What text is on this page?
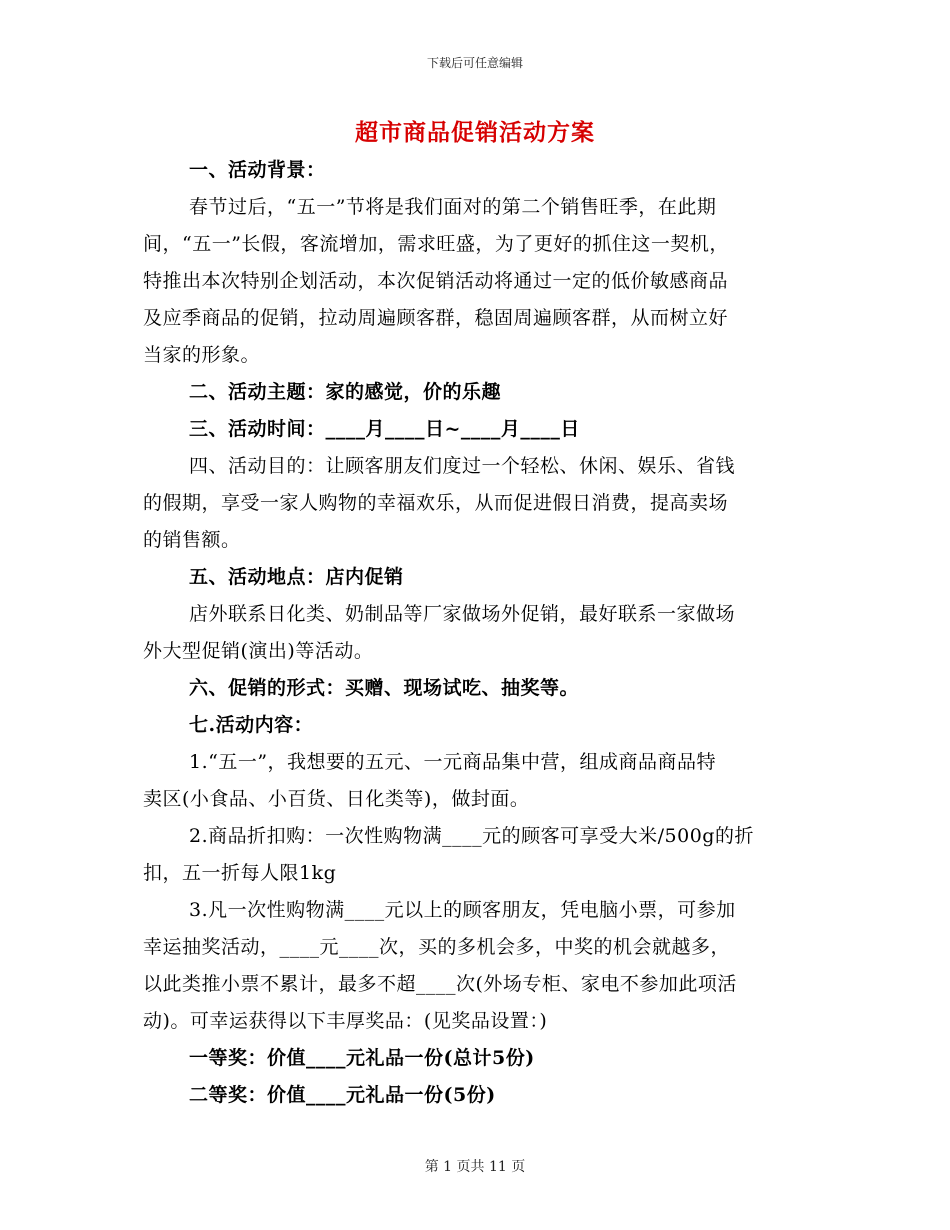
下载后可任意编辑
超市商品促销活动方案
一、活动背景：
春节过后，“五一”节将是我们面对的第二个销售旺季，在此期
间，“五一”长假，客流增加，需求旺盛，为了更好的抓住这一契机，
特推出本次特别企划活动，本次促销活动将通过一定的低价敏感商品
及应季商品的促销，拉动周遍顾客群，稳固周遍顾客群，从而树立好
当家的形象。
二、活动主题：家的感觉，价的乐趣
三、活动时间：____月____日~____月____日
四、活动目的：让顾客朋友们度过一个轻松、休闲、娱乐、省钱
的假期，享受一家人购物的幸福欢乐，从而促进假日消费，提高卖场
的销售额。
五、活动地点：店内促销
店外联系日化类、奶制品等厂家做场外促销，最好联系一家做场
外大型促销(演出)等活动。
六、促销的形式：买赠、现场试吃、抽奖等。
七.活动内容：
1.“五一”，我想要的五元、一元商品集中营，组成商品商品特
卖区(小食品、小百货、日化类等)，做封面。
2.商品折扣购：一次性购物满____元的顾客可享受大米/500g的折
扣，五一折每人限1kg
3.凡一次性购物满____元以上的顾客朋友，凭电脑小票，可参加
幸运抽奖活动，____元____次，买的多机会多，中奖的机会就越多，
以此类推小票不累计，最多不超____次(外场专柜、家电不参加此项活
动)。可幸运获得以下丰厚奖品：(见奖品设置：)
一等奖：价值____元礼品一份(总计5份)
二等奖：价值____元礼品一份(5份)
第 1 页共 11 页
